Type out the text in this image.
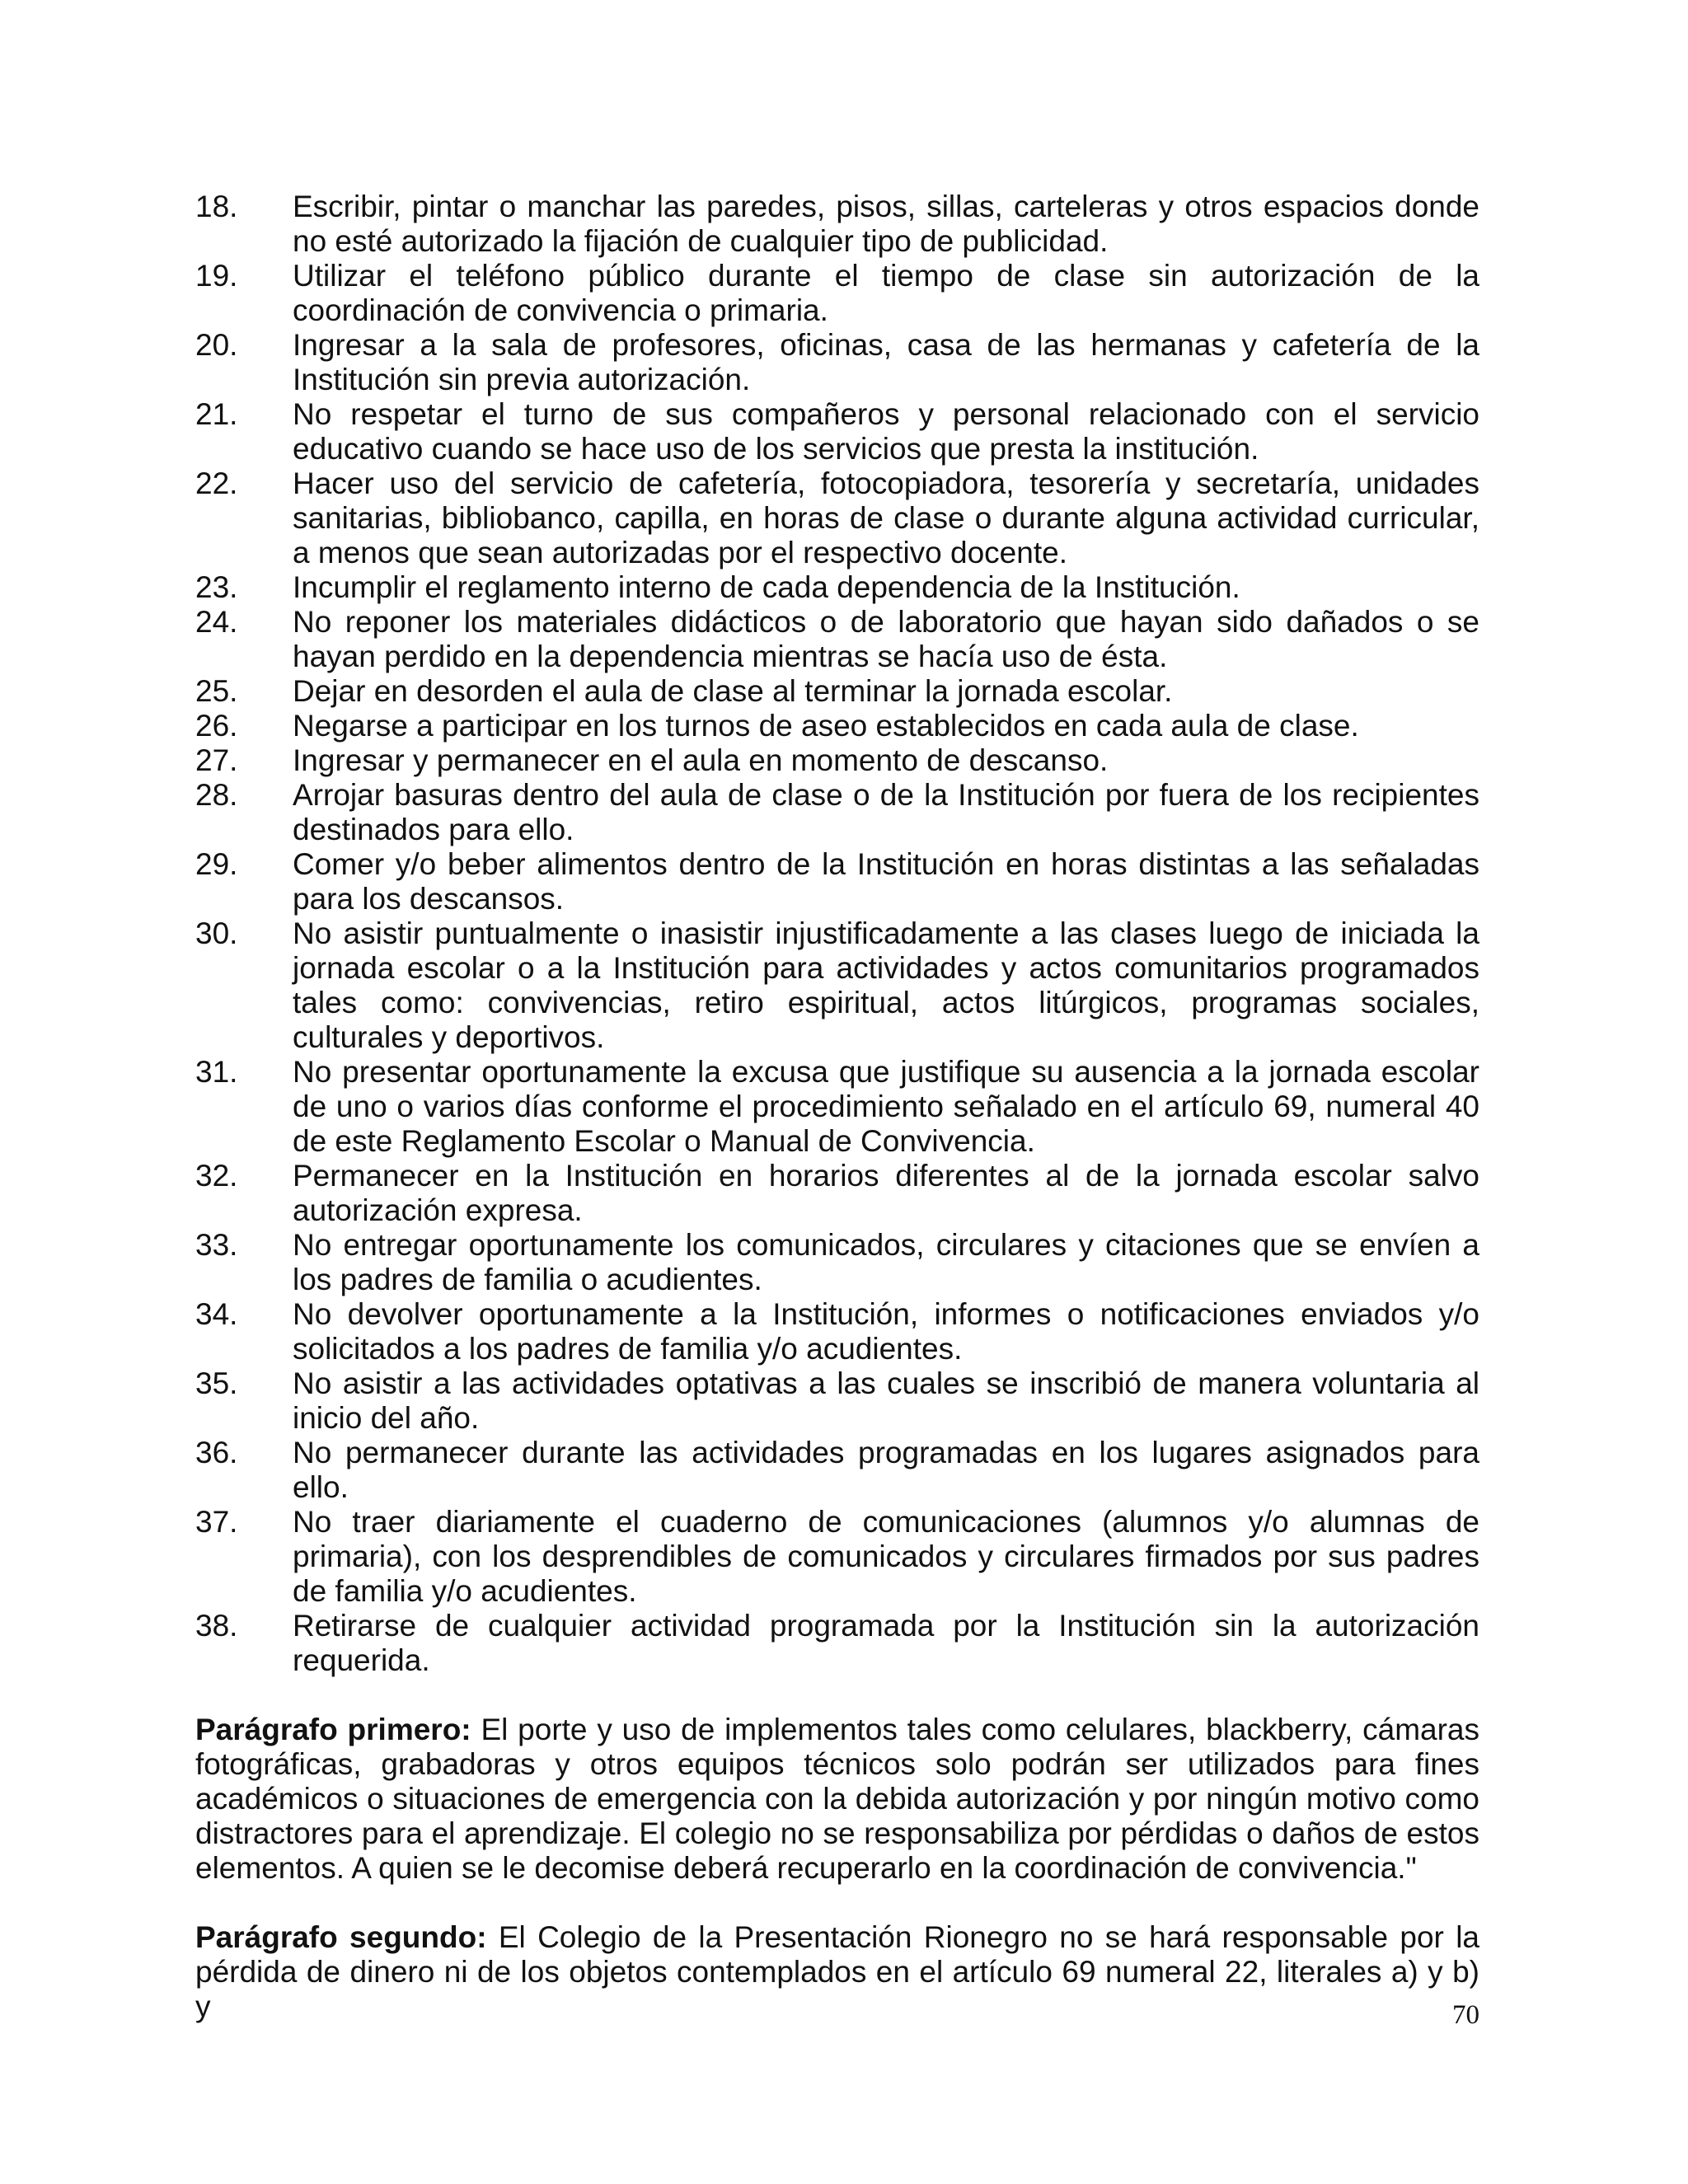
18.	Escribir, pintar o manchar las paredes, pisos, sillas, carteleras y otros espacios donde no esté autorizado la fijación de cualquier tipo de publicidad.
19.	Utilizar el teléfono público durante el tiempo de clase sin autorización de la coordinación de convivencia o primaria.
20.	Ingresar a la sala de profesores, oficinas, casa de las hermanas y cafetería de la Institución sin previa autorización.
21.	No respetar el turno de sus compañeros y personal relacionado con el servicio educativo cuando se hace uso de los servicios que presta la institución.
22.	Hacer uso del servicio de cafetería, fotocopiadora, tesorería y secretaría, unidades sanitarias, bibliobanco, capilla, en horas de clase o durante alguna actividad curricular, a menos que sean autorizadas por el respectivo docente.
23.	Incumplir el reglamento interno de cada dependencia de la Institución.
24.	No reponer los materiales didácticos o de laboratorio que hayan sido dañados o se hayan perdido en la dependencia mientras se hacía uso de ésta.
25.	Dejar en desorden el aula de clase al terminar la jornada escolar.
26.	Negarse a participar en los turnos de aseo establecidos en cada aula de clase.
27.	Ingresar y permanecer en el aula en momento de descanso.
28.	Arrojar basuras dentro del aula de clase o de la Institución por fuera de los recipientes destinados para ello.
29.	Comer y/o beber alimentos dentro de la Institución en horas distintas a las señaladas para los descansos.
30.	No asistir puntualmente o inasistir injustificadamente a las clases luego de iniciada la jornada escolar o a la Institución para actividades y actos comunitarios programados tales como: convivencias, retiro espiritual, actos litúrgicos, programas sociales, culturales y deportivos.
31.	No presentar oportunamente la excusa que justifique su ausencia a la jornada escolar de uno o varios días conforme el procedimiento señalado en el artículo 69, numeral 40 de este Reglamento Escolar o Manual de Convivencia.
32.	Permanecer en la Institución en horarios diferentes al de la jornada escolar salvo autorización expresa.
33.	No entregar oportunamente los comunicados, circulares y citaciones que se envíen a los padres de familia o acudientes.
34.	No devolver oportunamente a la Institución, informes o notificaciones enviados y/o solicitados a los padres de familia y/o acudientes.
35.	No asistir a las actividades optativas a las cuales se inscribió de manera voluntaria al inicio del año.
36.	No permanecer durante las actividades programadas en los lugares asignados para ello.
37.	No traer diariamente el cuaderno de comunicaciones (alumnos y/o alumnas de primaria), con los desprendibles de comunicados y circulares firmados por sus padres de familia y/o acudientes.
38.	Retirarse de cualquier actividad programada por la Institución sin la autorización requerida.

Parágrafo primero: El porte y uso de implementos tales como celulares, blackberry, cámaras fotográficas, grabadoras y otros equipos técnicos solo podrán ser utilizados para fines académicos o situaciones de emergencia con la debida autorización y por ningún motivo como distractores para el aprendizaje. El colegio no se responsabiliza por pérdidas o daños de estos elementos. A quien se le decomise deberá recuperarlo en la coordinación de convivencia."

Parágrafo segundo: El Colegio de la Presentación Rionegro no se hará responsable por la pérdida de dinero ni de los objetos contemplados en el artículo 69 numeral 22, literales a) y b) y	70
